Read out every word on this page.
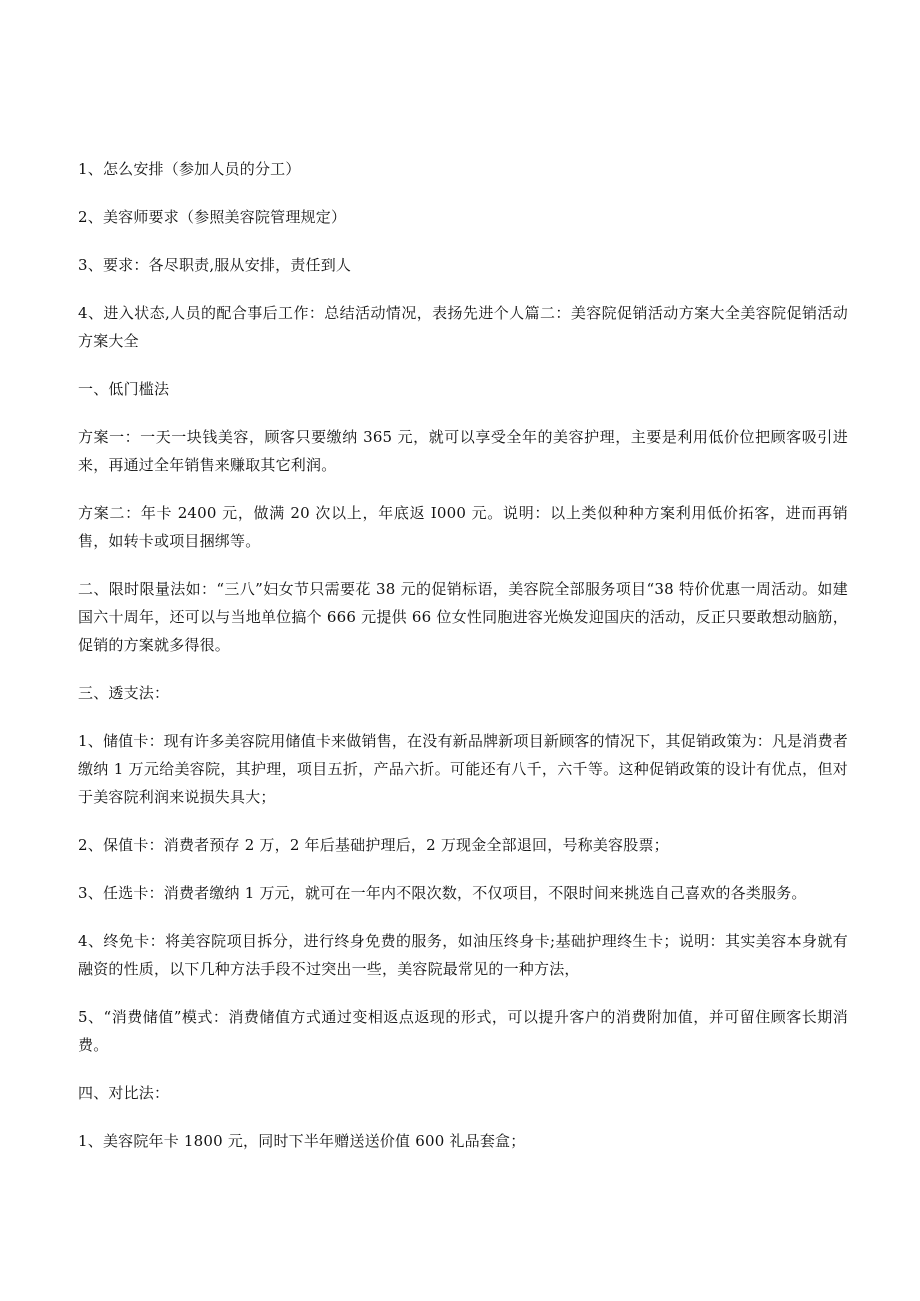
1、怎么安排（参加人员的分工）

2、美容师要求（参照美容院管理规定）

3、要求：各尽职责,服从安排，责任到人

4、进入状态,人员的配合事后工作：总结活动情况，表扬先进个人篇二：美容院促销活动方案大全美容院促销活动方案大全

一、低门槛法

方案一：一天一块钱美容，顾客只要缴纳 365 元，就可以享受全年的美容护理，主要是利用低价位把顾客吸引进来，再通过全年销售来赚取其它利润。

方案二：年卡 2400 元，做满 20 次以上，年底返 I000 元。说明：以上类似种种方案利用低价拓客，进而再销售，如转卡或项目捆绑等。

二、限时限量法如：“三八”妇女节只需要花 38 元的促销标语，美容院全部服务项目“38 特价优惠一周活动。如建国六十周年，还可以与当地单位搞个 666 元提供 66 位女性同胞进容光焕发迎国庆的活动，反正只要敢想动脑筋，促销的方案就多得很。

三、透支法：

1、储值卡：现有许多美容院用储值卡来做销售，在没有新品牌新项目新顾客的情况下，其促销政策为：凡是消费者缴纳 1 万元给美容院，其护理，项目五折，产品六折。可能还有八千，六千等。这种促销政策的设计有优点，但对于美容院利润来说损失具大；

2、保值卡：消费者预存 2 万，2 年后基础护理后，2 万现金全部退回，号称美容股票；

3、任选卡：消费者缴纳 1 万元，就可在一年内不限次数，不仅项目，不限时间来挑选自己喜欢的各类服务。

4、终免卡：将美容院项目拆分，进行终身免费的服务，如油压终身卡;基础护理终生卡；说明：其实美容本身就有融资的性质，以下几种方法手段不过突出一些，美容院最常见的一种方法，

5、“消费储值”模式：消费储值方式通过变相返点返现的形式，可以提升客户的消费附加值，并可留住顾客长期消费。

四、对比法：

1、美容院年卡 1800 元，同时下半年赠送送价值 600 礼品套盒；
